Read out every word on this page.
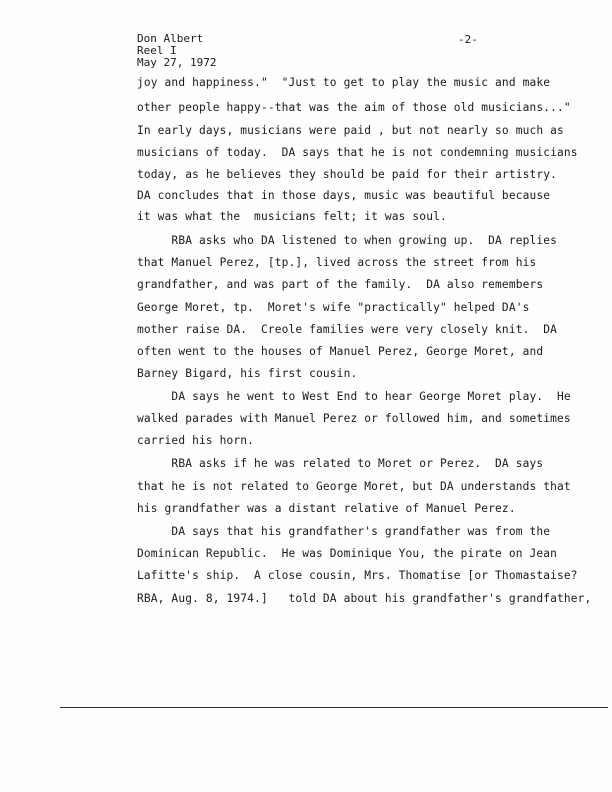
Don Albert
Reel I
May 27, 1972
-2-
joy and happiness."  "Just to get to play the music and make
other people happy--that was the aim of those old musicians..."
In early days, musicians were paid , but not nearly so much as
musicians of today.  DA says that he is not condemning musicians
today, as he believes they should be paid for their artistry.
DA concludes that in those days, music was beautiful because
it was what the  musicians felt; it was soul.
RBA asks who DA listened to when growing up.  DA replies
that Manuel Perez, [tp.], lived across the street from his
grandfather, and was part of the family.  DA also remembers
George Moret, tp.  Moret's wife "practically" helped DA's
mother raise DA.  Creole families were very closely knit.  DA
often went to the houses of Manuel Perez, George Moret, and
Barney Bigard, his first cousin.
DA says he went to West End to hear George Moret play.  He
walked parades with Manuel Perez or followed him, and sometimes
carried his horn.
RBA asks if he was related to Moret or Perez.  DA says
that he is not related to George Moret, but DA understands that
his grandfather was a distant relative of Manuel Perez.
DA says that his grandfather's grandfather was from the
Dominican Republic.  He was Dominique You, the pirate on Jean
Lafitte's ship.  A close cousin, Mrs. Thomatise [or Thomastaise?
RBA, Aug. 8, 1974.]   told DA about his grandfather's grandfather,
